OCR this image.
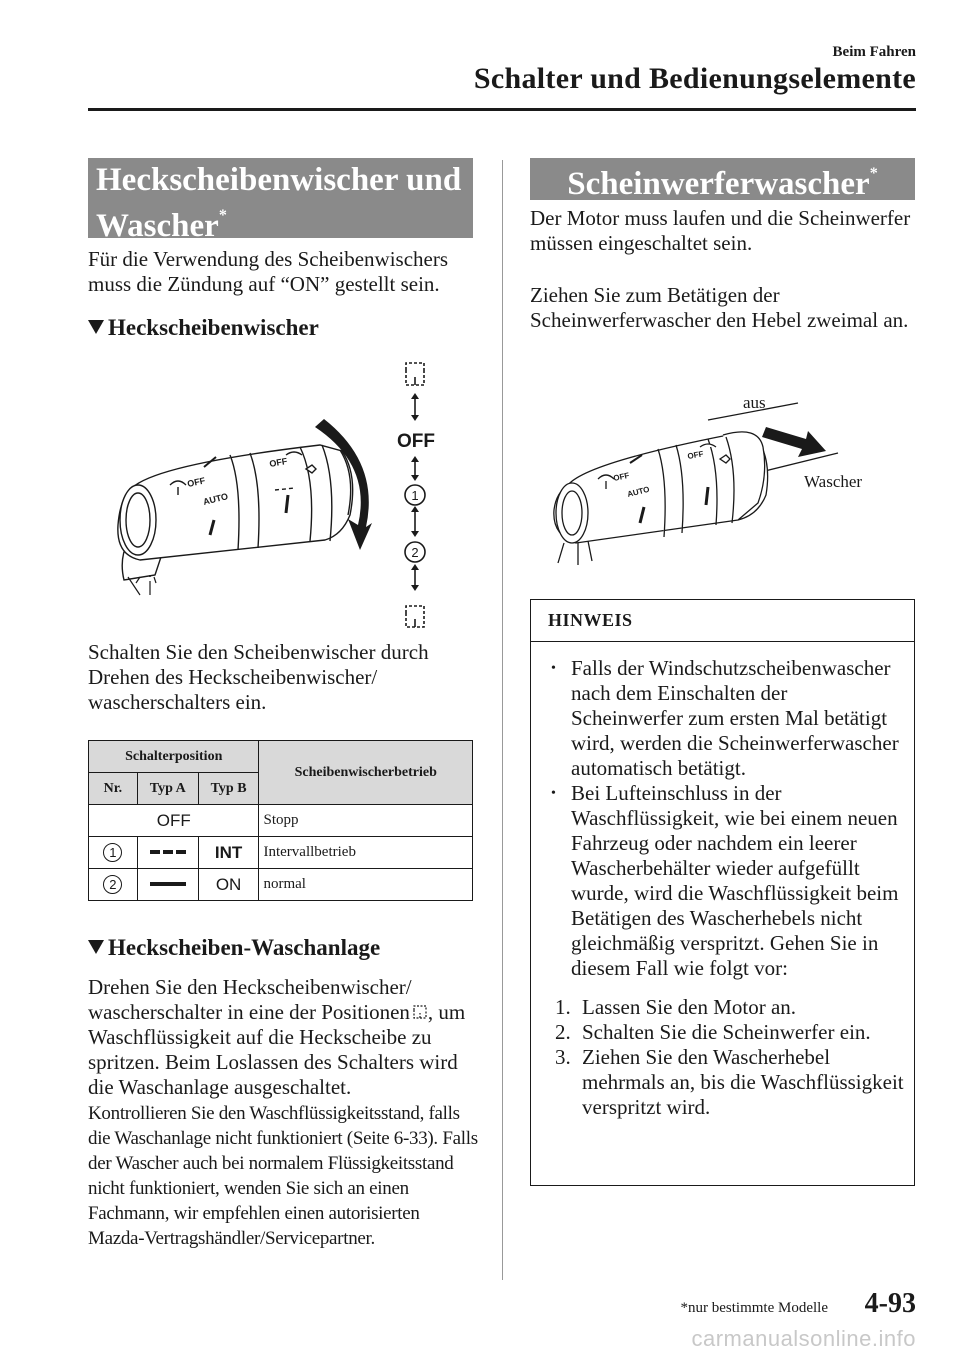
Beim Fahren
Schalter und Bedienungselemente
Heckscheibenwischer und
Wascher*
Für die Verwendung des Scheibenwischers muss die Zündung auf “ON” gestellt sein.
Heckscheibenwischer
OFF
AUTO
OFF
OFF
1
2
Schalten Sie den Scheibenwischer durch Drehen des Heckscheibenwischer/ wascherschalters ein.
Schalterposition			Scheibenwischerbetrieb
Nr.	Typ A	Typ B	
OFF			Stopp
1		INT	Intervallbetrieb
2		ON	normal
Heckscheiben-Waschanlage
Drehen Sie den Heckscheibenwischer/ wascherschalter in eine der Positionen , um Waschflüssigkeit auf die Heckscheibe zu spritzen. Beim Loslassen des Schalters wird die Waschanlage ausgeschaltet.
Kontrollieren Sie den Waschflüssigkeitsstand, falls die Waschanlage nicht funktioniert (Seite 6-33). Falls der Wascher auch bei normalem Flüssigkeitsstand nicht funktioniert, wenden Sie sich an einen Fachmann, wir empfehlen einen autorisierten Mazda-Vertragshändler/Servicepartner.
Scheinwerferwascher*
Der Motor muss laufen und die Scheinwerfer müssen eingeschaltet sein.
Ziehen Sie zum Betätigen der Scheinwerferwascher den Hebel zweimal an.
OFF
AUTO
OFF
aus
Wascher
HINWEIS
• Falls der Windschutzscheibenwascher nach dem Einschalten der Scheinwerfer zum ersten Mal betätigt wird, werden die Scheinwerferwascher automatisch betätigt.
• Bei Lufteinschluss in der Waschflüssigkeit, wie bei einem neuen Fahrzeug oder nachdem ein leerer Wascherbehälter wieder aufgefüllt wurde, wird die Waschflüssigkeit beim Betätigen des Wascherhebels nicht gleichmäßig verspritzt. Gehen Sie in diesem Fall wie folgt vor:
1. Lassen Sie den Motor an.
2. Schalten Sie die Scheinwerfer ein.
3. Ziehen Sie den Wascherhebel mehrmals an, bis die Waschflüssigkeit verspritzt wird.
*nur bestimmte Modelle 4-93
carmanualsonline.info
